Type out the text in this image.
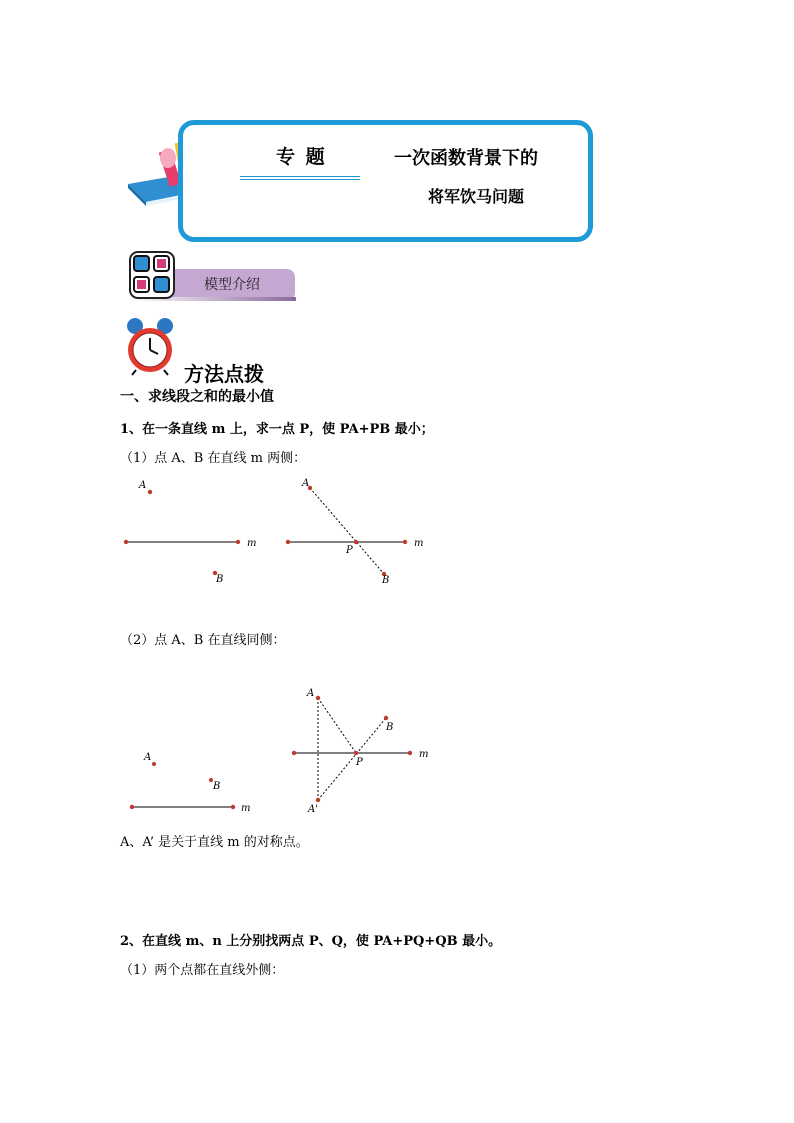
专 题	一次函数背景下的
将军饮马问题
模型介绍
方法点拨
一、求线段之和的最小值
1、在一条直线 m 上，求一点 P，使 PA+PB 最小；
（1）点 A、B 在直线 m 两侧：
A
B
m
A
P
B
m
（2）点 A、B 在直线同侧：
A
B
m
A
A'
P
B
m
A、A’ 是关于直线 m 的对称点。
2、在直线 m、n 上分别找两点 P、Q，使 PA+PQ+QB 最小。
（1）两个点都在直线外侧：
